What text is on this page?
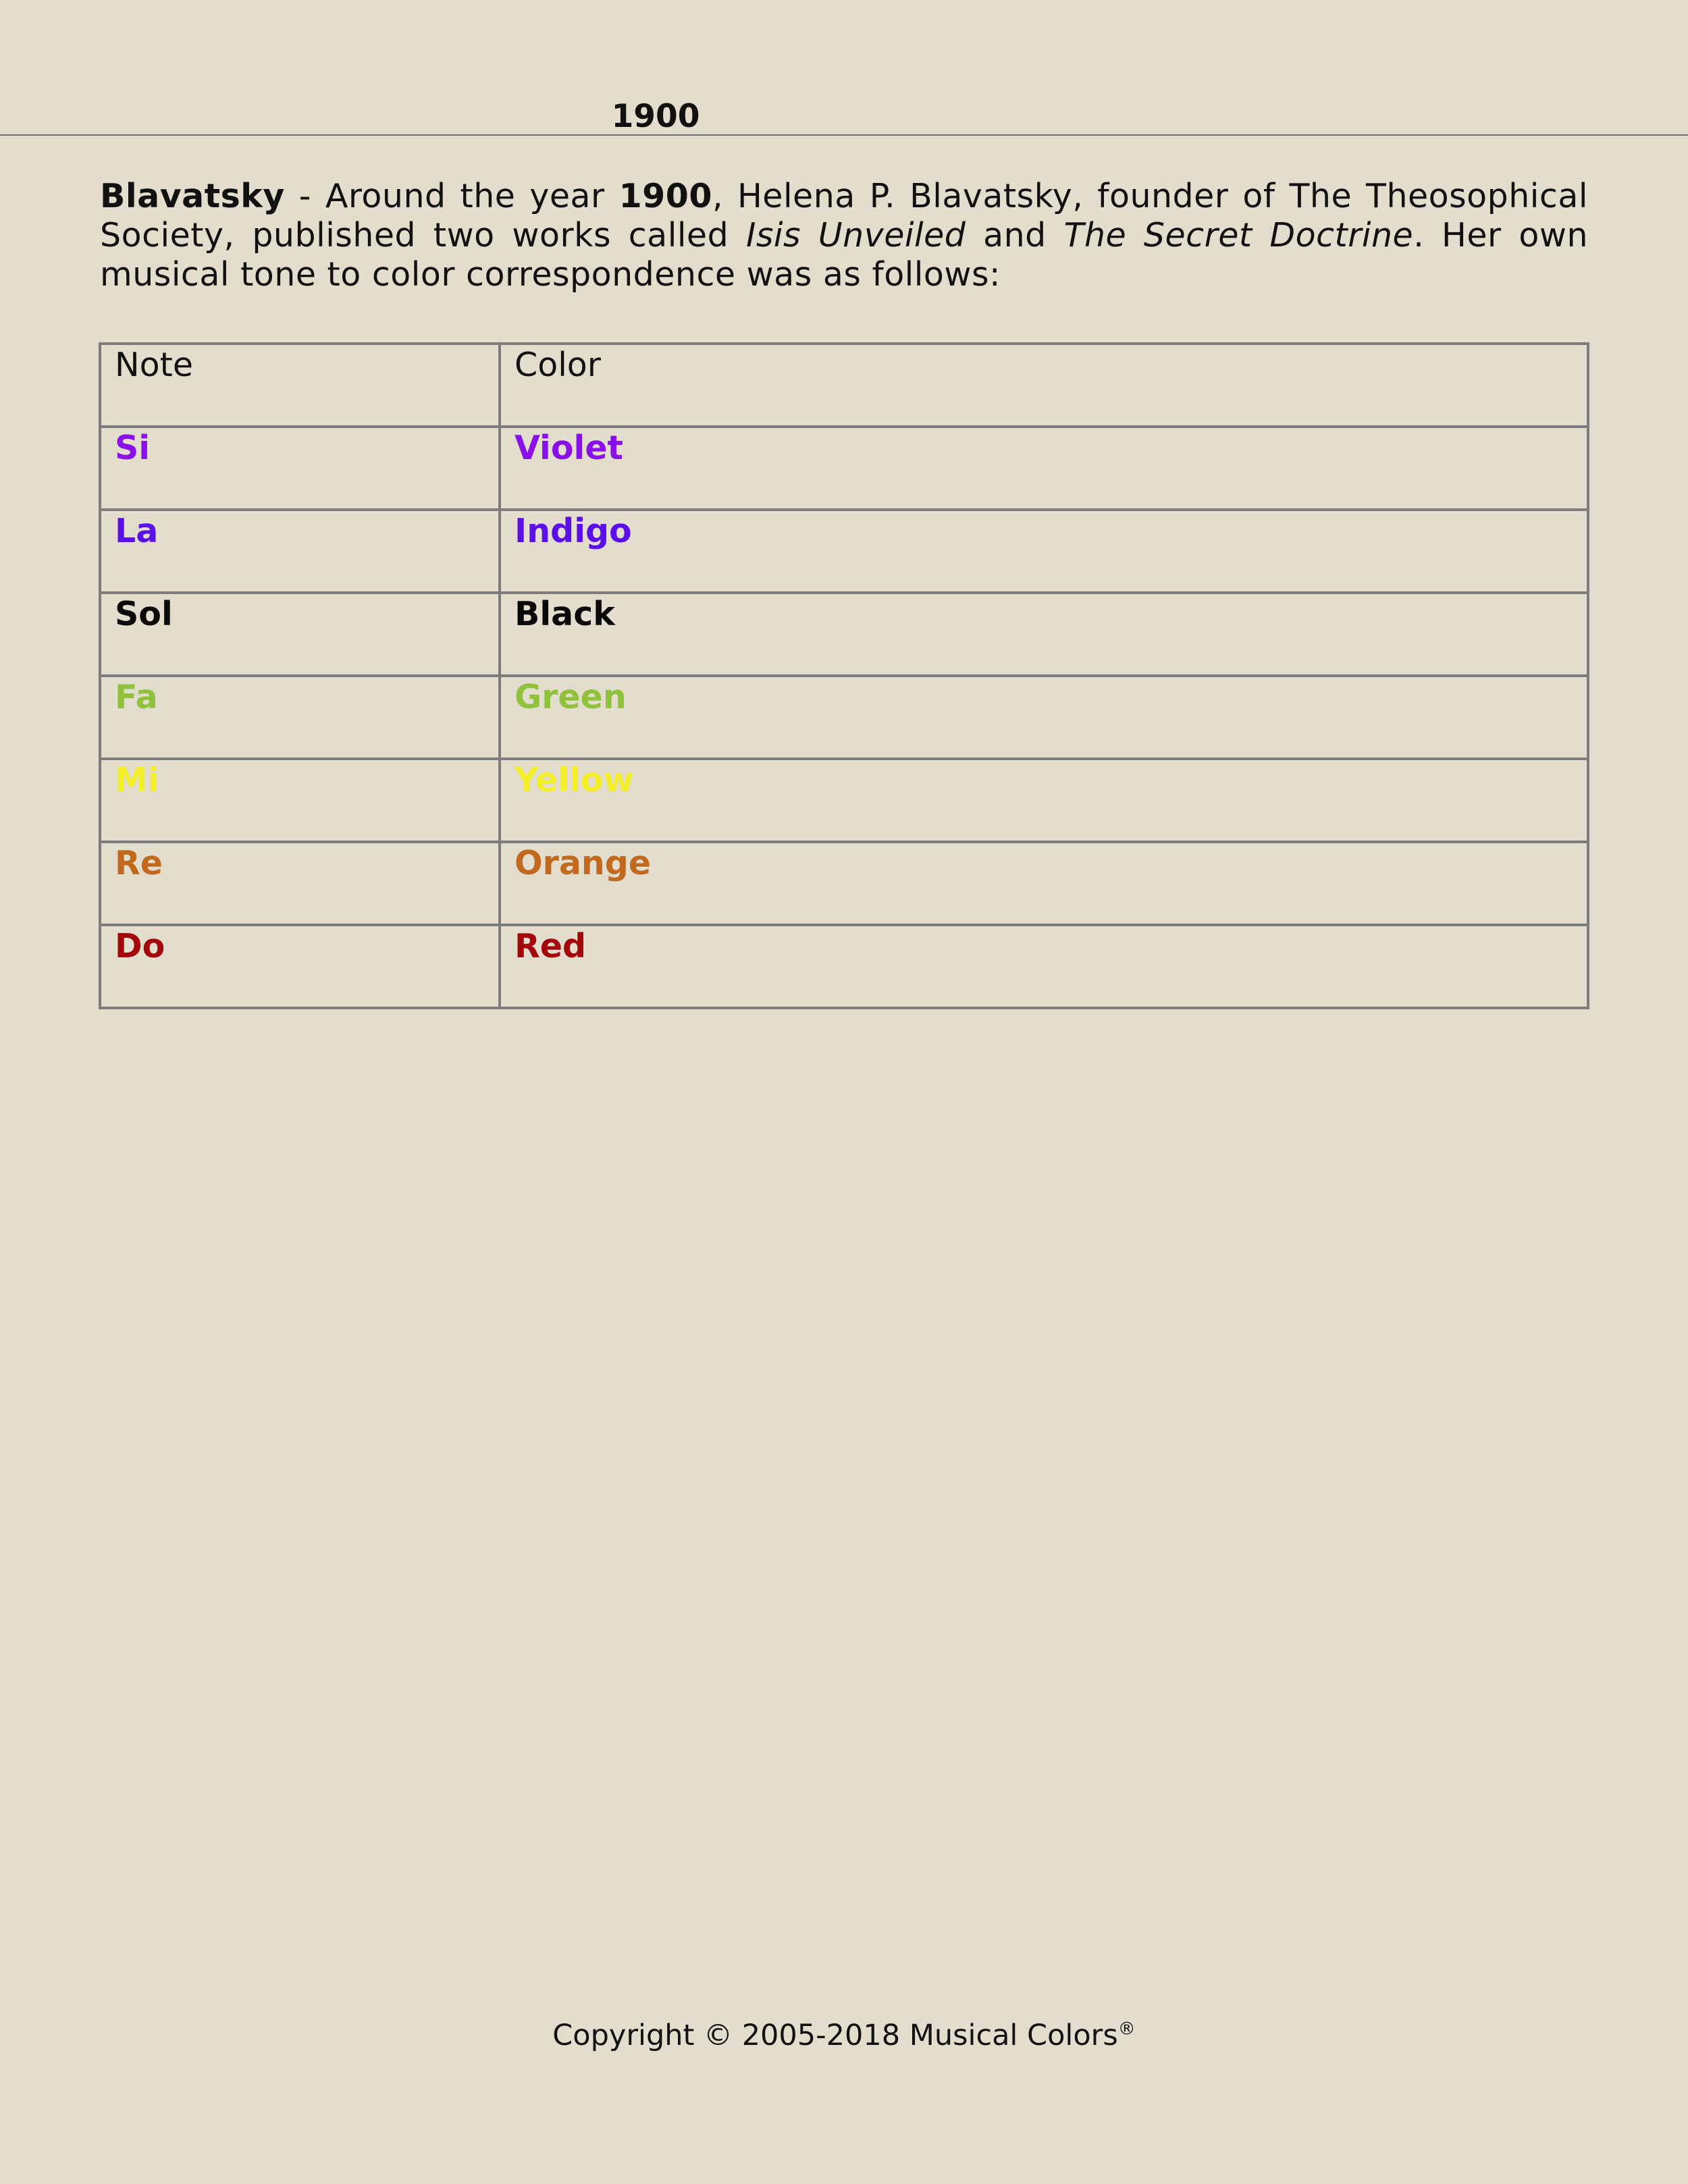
1900

Blavatsky - Around the year 1900, Helena P. Blavatsky, founder of The Theosophical Society, published two works called Isis Unveiled and The Secret Doctrine. Her own musical tone to color correspondence was as follows:

Note	Color
Si	Violet
La	Indigo
Sol	Black
Fa	Green
Mi	Yellow
Re	Orange
Do	Red
Copyright © 2005-2018 Musical Colors®
